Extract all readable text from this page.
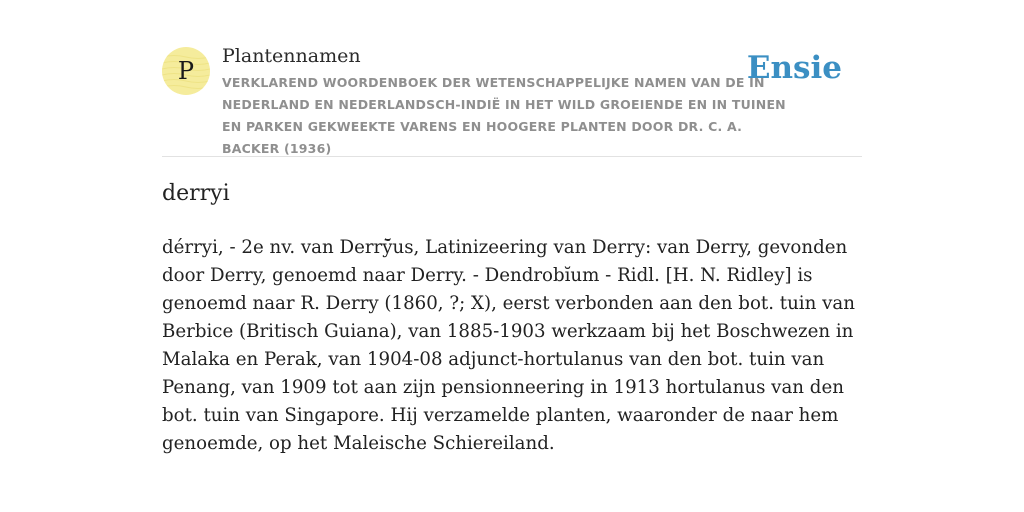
P
Plantennamen
VERKLAREND WOORDENBOEK DER WETENSCHAPPELIJKE NAMEN VAN DE IN NEDERLAND EN NEDERLANDSCH-INDIË IN HET WILD GROEIENDE EN IN TUINEN EN PARKEN GEKWEEKTE VARENS EN HOOGERE PLANTEN DOOR DR. C. A. BACKER (1936)
Ensie
derryi

dérryi, - 2e nv. van Derrȳ̆us, Latinizeering van Derry: van Derry, gevonden door Derry, genoemd naar Derry. - Dendrobĭum - Ridl. [H. N. Ridley] is genoemd naar R. Derry (1860, ?; X), eerst verbonden aan den bot. tuin van Berbice (Britisch Guiana), van 1885-1903 werkzaam bij het Boschwezen in Malaka en Perak, van 1904-08 adjunct-hortulanus van den bot. tuin van Penang, van 1909 tot aan zijn pensionneering in 1913 hortulanus van den bot. tuin van Singapore. Hij verzamelde planten, waaronder de naar hem genoemde, op het Maleische Schiereiland.
